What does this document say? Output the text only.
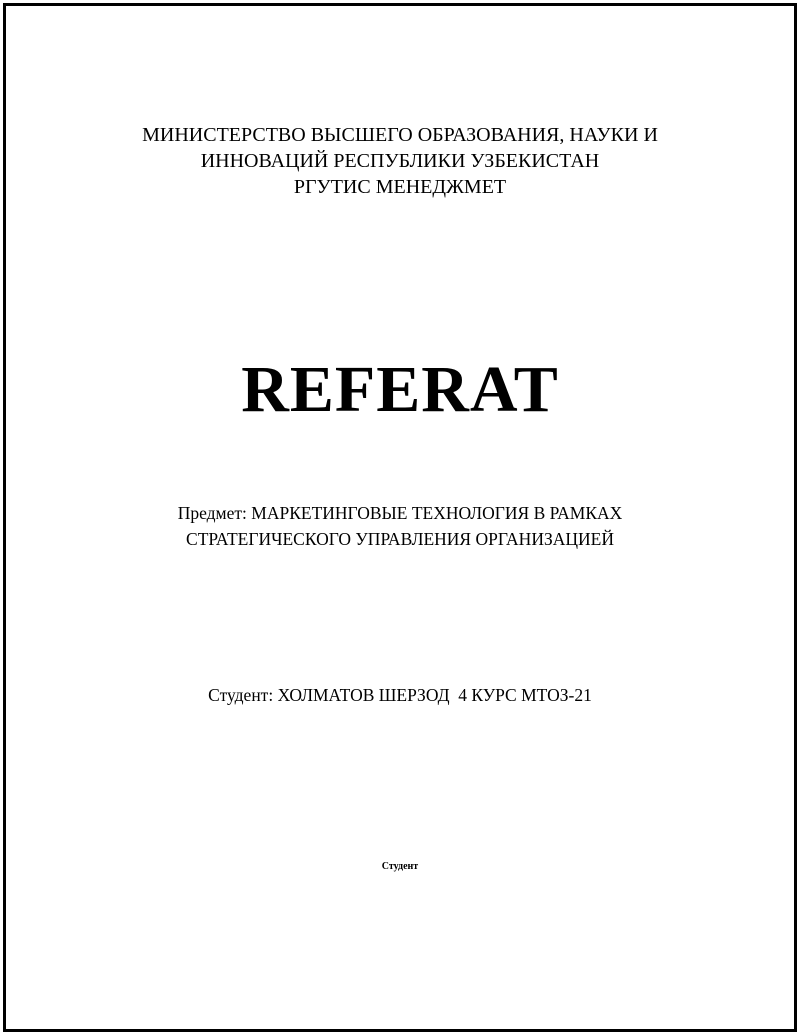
МИНИСТЕРСТВО ВЫСШЕГО ОБРАЗОВАНИЯ, НАУКИ И
ИННОВАЦИЙ РЕСПУБЛИКИ УЗБЕКИСТАН
РГУТИС МЕНЕДЖМЕТ
REFERAT
Предмет: МАРКЕТИНГОВЫЕ ТЕХНОЛОГИЯ В РАМКАХ
СТРАТЕГИЧЕСКОГО УПРАВЛЕНИЯ ОРГАНИЗАЦИЕЙ
Студент: ХОЛМАТОВ ШЕРЗОД  4 КУРС МТОЗ-21
Студент
